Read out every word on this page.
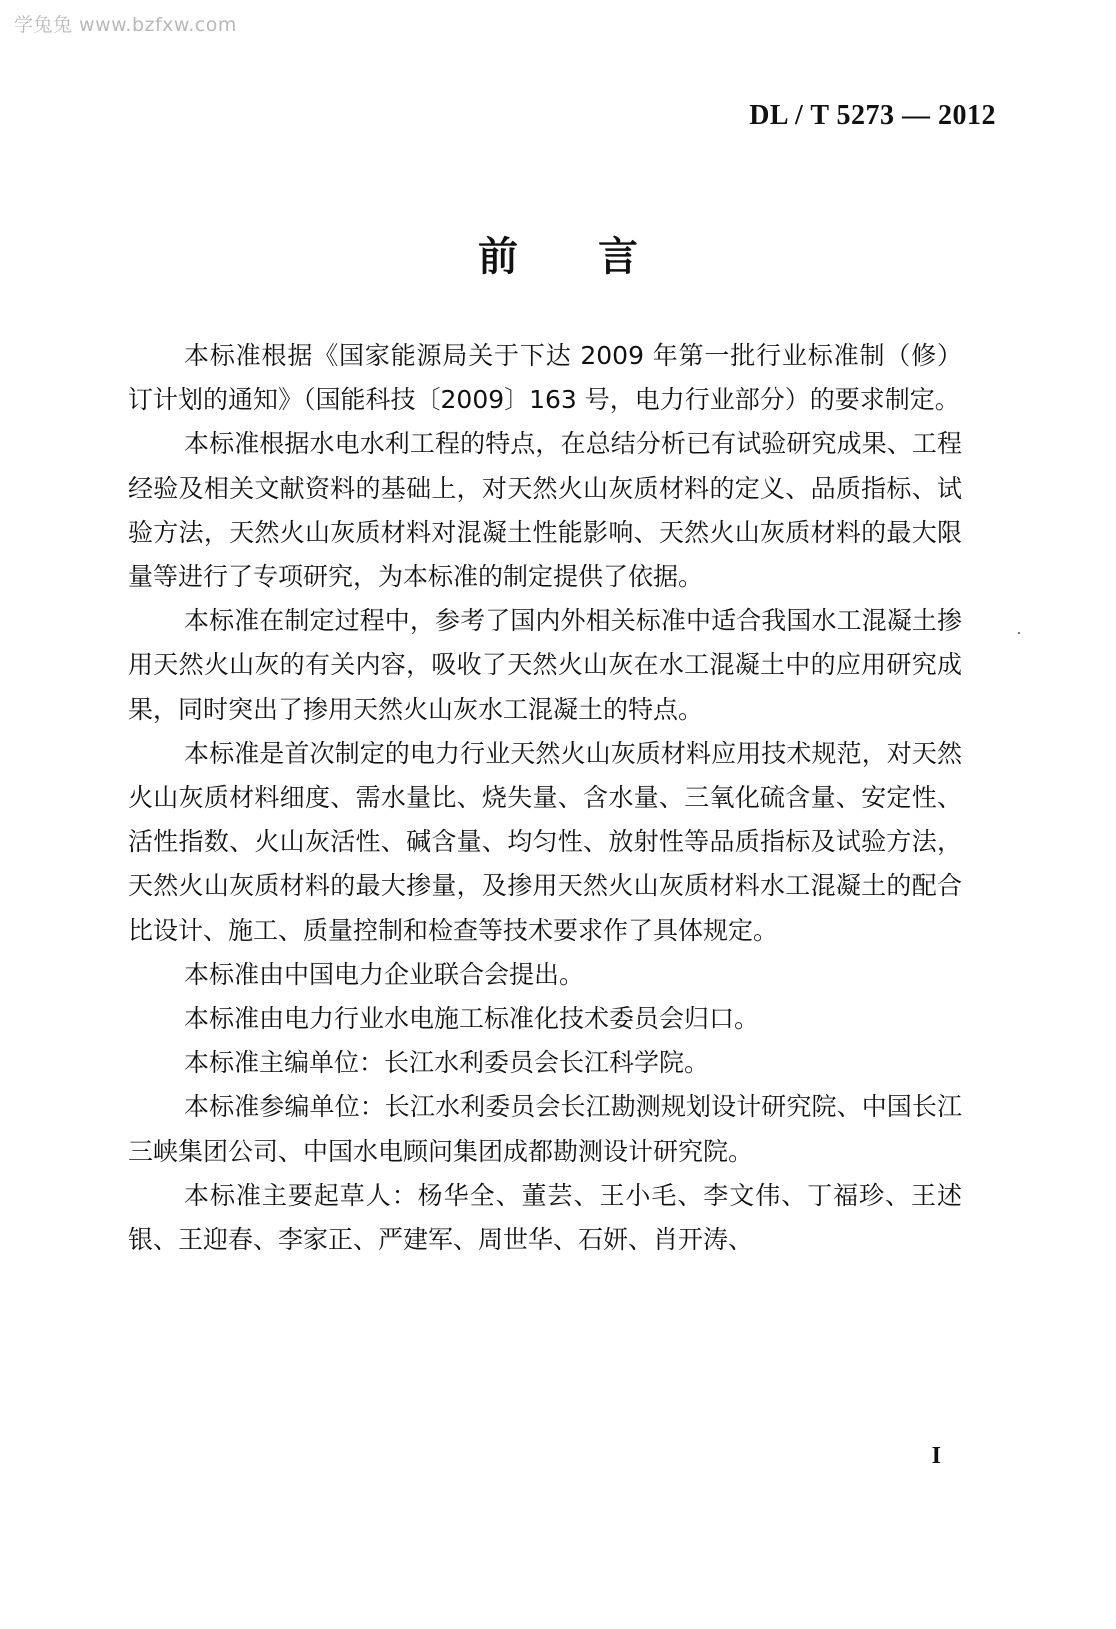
学兔兔 www.bzfxw.com
DL / T 5273 — 2012
前言

本标准根据《国家能源局关于下达 2009 年第一批行业标准制（修）订计划的通知》（国能科技〔2009〕163 号，电力行业部分）的要求制定。

本标准根据水电水利工程的特点，在总结分析已有试验研究成果、工程经验及相关文献资料的基础上，对天然火山灰质材料的定义、品质指标、试验方法，天然火山灰质材料对混凝土性能影响、天然火山灰质材料的最大限量等进行了专项研究，为本标准的制定提供了依据。

本标准在制定过程中，参考了国内外相关标准中适合我国水工混凝土掺用天然火山灰的有关内容，吸收了天然火山灰在水工混凝土中的应用研究成果，同时突出了掺用天然火山灰水工混凝土的特点。

本标准是首次制定的电力行业天然火山灰质材料应用技术规范，对天然火山灰质材料细度、需水量比、烧失量、含水量、三氧化硫含量、安定性、活性指数、火山灰活性、碱含量、均匀性、放射性等品质指标及试验方法，天然火山灰质材料的最大掺量，及掺用天然火山灰质材料水工混凝土的配合比设计、施工、质量控制和检查等技术要求作了具体规定。

本标准由中国电力企业联合会提出。

本标准由电力行业水电施工标准化技术委员会归口。

本标准主编单位：长江水利委员会长江科学院。

本标准参编单位：长江水利委员会长江勘测规划设计研究院、中国长江三峡集团公司、中国水电顾问集团成都勘测设计研究院。

本标准主要起草人：杨华全、董芸、王小毛、李文伟、丁福珍、王述银、王迎春、李家正、严建军、周世华、石妍、肖开涛、

I
